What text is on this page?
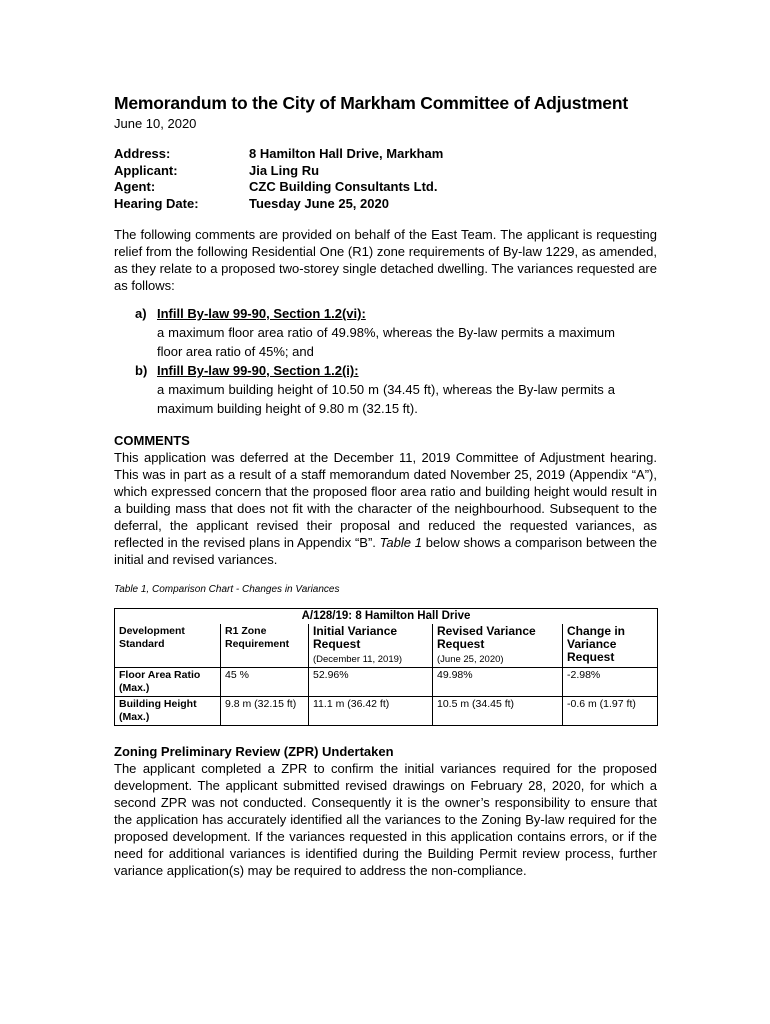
Memorandum to the City of Markham Committee of Adjustment
June 10, 2020
Address:	8 Hamilton Hall Drive, Markham
Applicant:	Jia Ling Ru
Agent:	CZC Building Consultants Ltd.
Hearing Date:	Tuesday June 25, 2020

The following comments are provided on behalf of the East Team. The applicant is requesting relief from the following Residential One (R1) zone requirements of By-law 1229, as amended, as they relate to a proposed two-storey single detached dwelling. The variances requested are as follows:

a) Infill By-law 99-90, Section 1.2(vi):
a maximum floor area ratio of 49.98%, whereas the By-law permits a maximum floor area ratio of 45%; and
b) Infill By-law 99-90, Section 1.2(i):
a maximum building height of 10.50 m (34.45 ft), whereas the By-law permits a maximum building height of 9.80 m (32.15 ft).
COMMENTS
This application was deferred at the December 11, 2019 Committee of Adjustment hearing. This was in part as a result of a staff memorandum dated November 25, 2019 (Appendix “A”), which expressed concern that the proposed floor area ratio and building height would result in a building mass that does not fit with the character of the neighbourhood. Subsequent to the deferral, the applicant revised their proposal and reduced the requested variances, as reflected in the revised plans in Appendix “B”. Table 1 below shows a comparison between the initial and revised variances.
Table 1, Comparison Chart - Changes in Variances
A/128/19: 8 Hamilton Hall Drive				
Development Standard	R1 Zone Requirement	Initial Variance Request	Revised Variance Request	Change in Variance Request
		(December 11, 2019)	(June 25, 2020)	
Floor Area Ratio (Max.)	45 %	52.96%	49.98%	-2.98%
Building Height (Max.)	9.8 m (32.15 ft)	11.1 m (36.42 ft)	10.5 m (34.45 ft)	-0.6 m (1.97 ft)
Zoning Preliminary Review (ZPR) Undertaken
The applicant completed a ZPR to confirm the initial variances required for the proposed development. The applicant submitted revised drawings on February 28, 2020, for which a second ZPR was not conducted. Consequently it is the owner’s responsibility to ensure that the application has accurately identified all the variances to the Zoning By-law required for the proposed development. If the variances requested in this application contains errors, or if the need for additional variances is identified during the Building Permit review process, further variance application(s) may be required to address the non-compliance.
